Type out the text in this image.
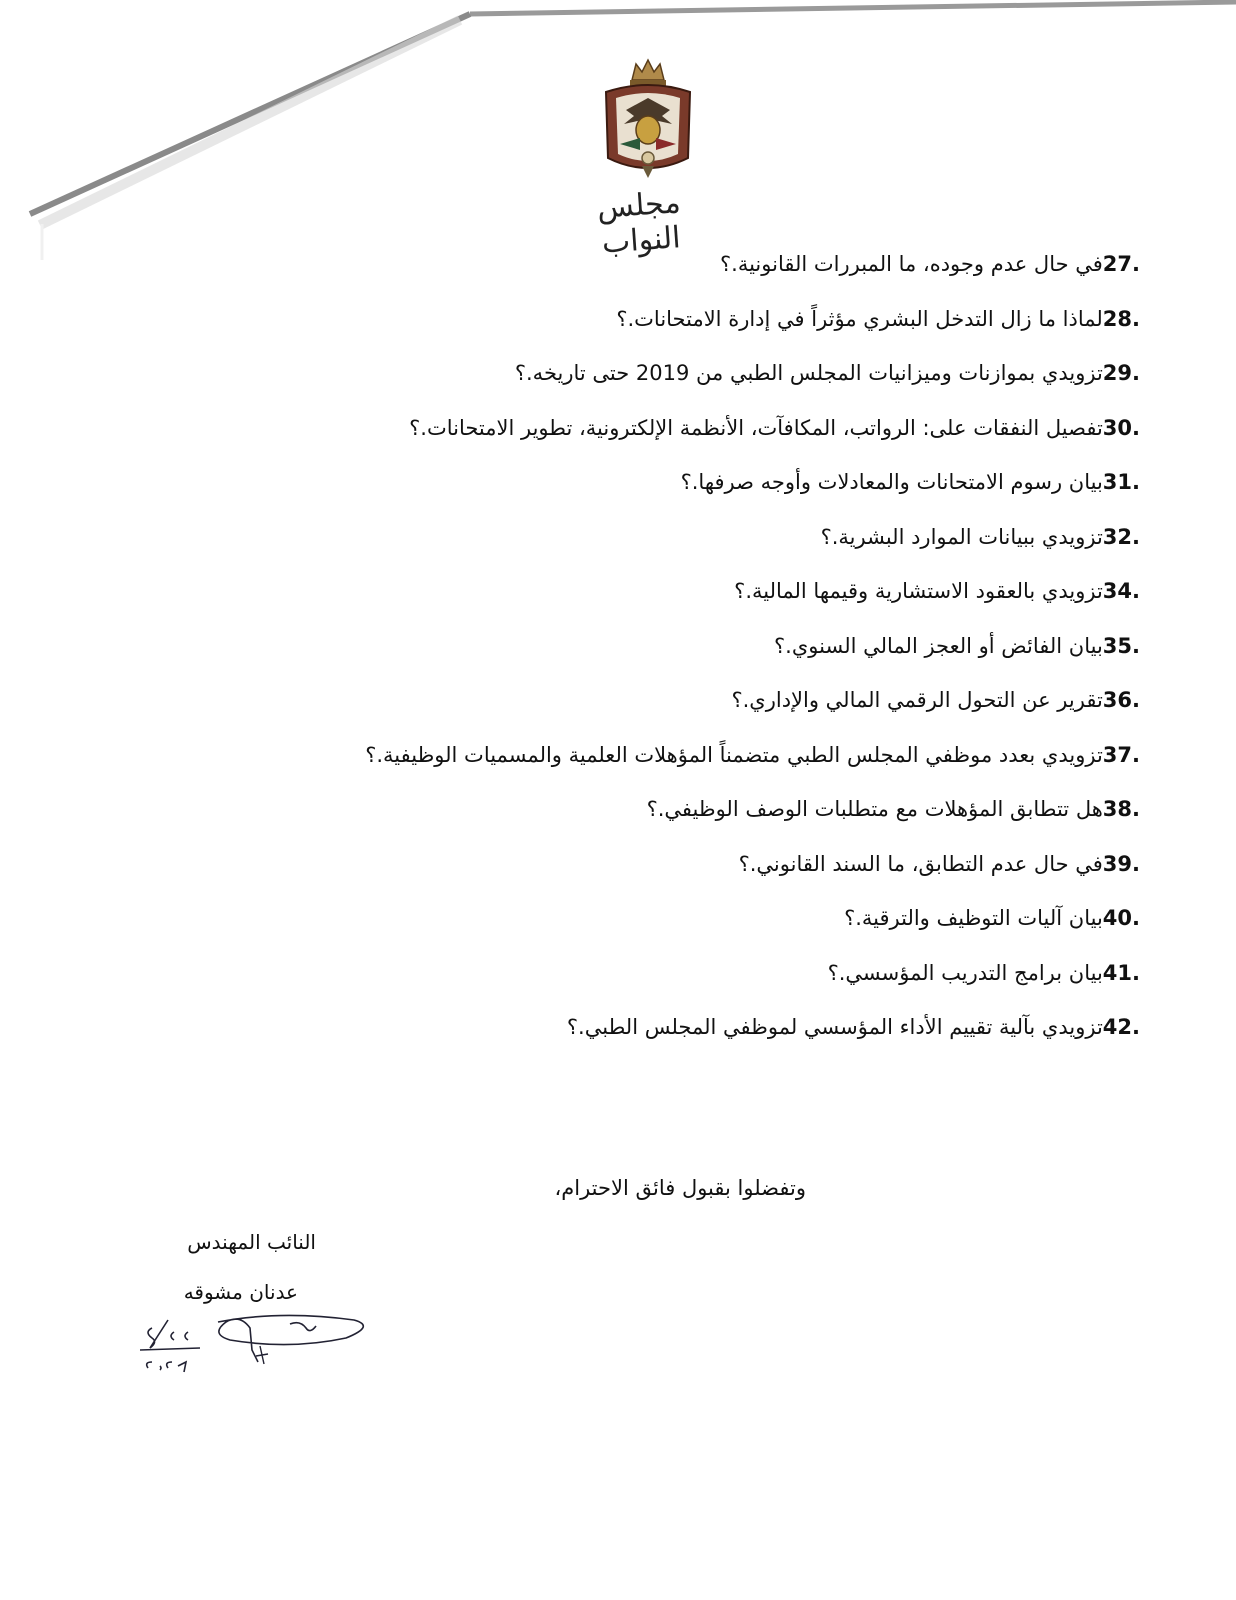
مجلس النواب
27.في حال عدم وجوده، ما المبررات القانونية.؟
28.لماذا ما زال التدخل البشري مؤثراً في إدارة الامتحانات.؟
29.تزويدي بموازنات وميزانيات المجلس الطبي من 2019 حتى تاريخه.؟
30.تفصيل النفقات على: الرواتب، المكافآت، الأنظمة الإلكترونية، تطوير الامتحانات.؟
31.بيان رسوم الامتحانات والمعادلات وأوجه صرفها.؟
32.تزويدي ببيانات الموارد البشرية.؟
34.تزويدي بالعقود الاستشارية وقيمها المالية.؟
35.بيان الفائض أو العجز المالي السنوي.؟
36.تقرير عن التحول الرقمي المالي والإداري.؟
37.تزويدي بعدد موظفي المجلس الطبي متضمناً المؤهلات العلمية والمسميات الوظيفية.؟
38.هل تتطابق المؤهلات مع متطلبات الوصف الوظيفي.؟
39.في حال عدم التطابق، ما السند القانوني.؟
40.بيان آليات التوظيف والترقية.؟
41.بيان برامج التدريب المؤسسي.؟
42.تزويدي بآلية تقييم الأداء المؤسسي لموظفي المجلس الطبي.؟
وتفضلوا بقبول فائق الاحترام،
النائب المهندس
عدنان مشوقه
